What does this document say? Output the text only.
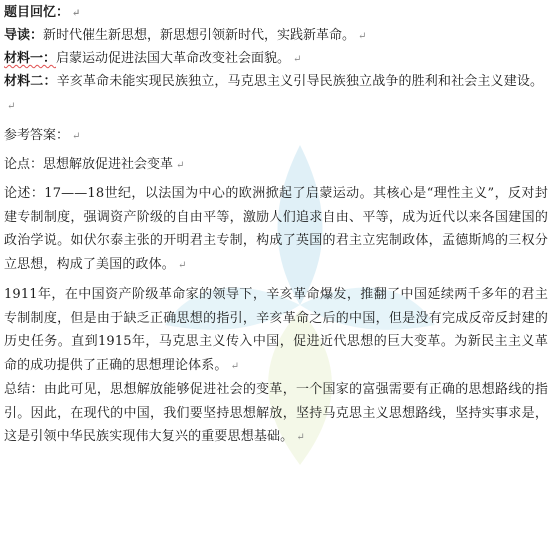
题目回忆： ↵

导读：新时代催生新思想，新思想引领新时代，实践新革命。 ↵

材料一：启蒙运动促进法国大革命改变社会面貌。 ↵

材料二：辛亥革命未能实现民族独立，马克思主义引导民族独立战争的胜利和社会主义建设。
↵

参考答案： ↵

论点：思想解放促进社会变革 ↵

论述：17——18世纪，以法国为中心的欧洲掀起了启蒙运动。其核心是“理性主义”，反对封建专制制度，强调资产阶级的自由平等，激励人们追求自由、平等，成为近代以来各国建国的政治学说。如伏尔泰主张的开明君主专制，构成了英国的君主立宪制政体，孟德斯鸠的三权分立思想，构成了美国的政体。 ↵

1911年，在中国资产阶级革命家的领导下，辛亥革命爆发，推翻了中国延续两千多年的君主专制制度，但是由于缺乏正确思想的指引，辛亥革命之后的中国，但是没有完成反帝反封建的历史任务。直到1915年，马克思主义传入中国，促进近代思想的巨大变革。为新民主主义革命的成功提供了正确的思想理论体系。 ↵

总结：由此可见，思想解放能够促进社会的变革，一个国家的富强需要有正确的思想路线的指引。因此，在现代的中国，我们要坚持思想解放，坚持马克思主义思想路线，坚持实事求是，这是引领中华民族实现伟大复兴的重要思想基础。 ↵
